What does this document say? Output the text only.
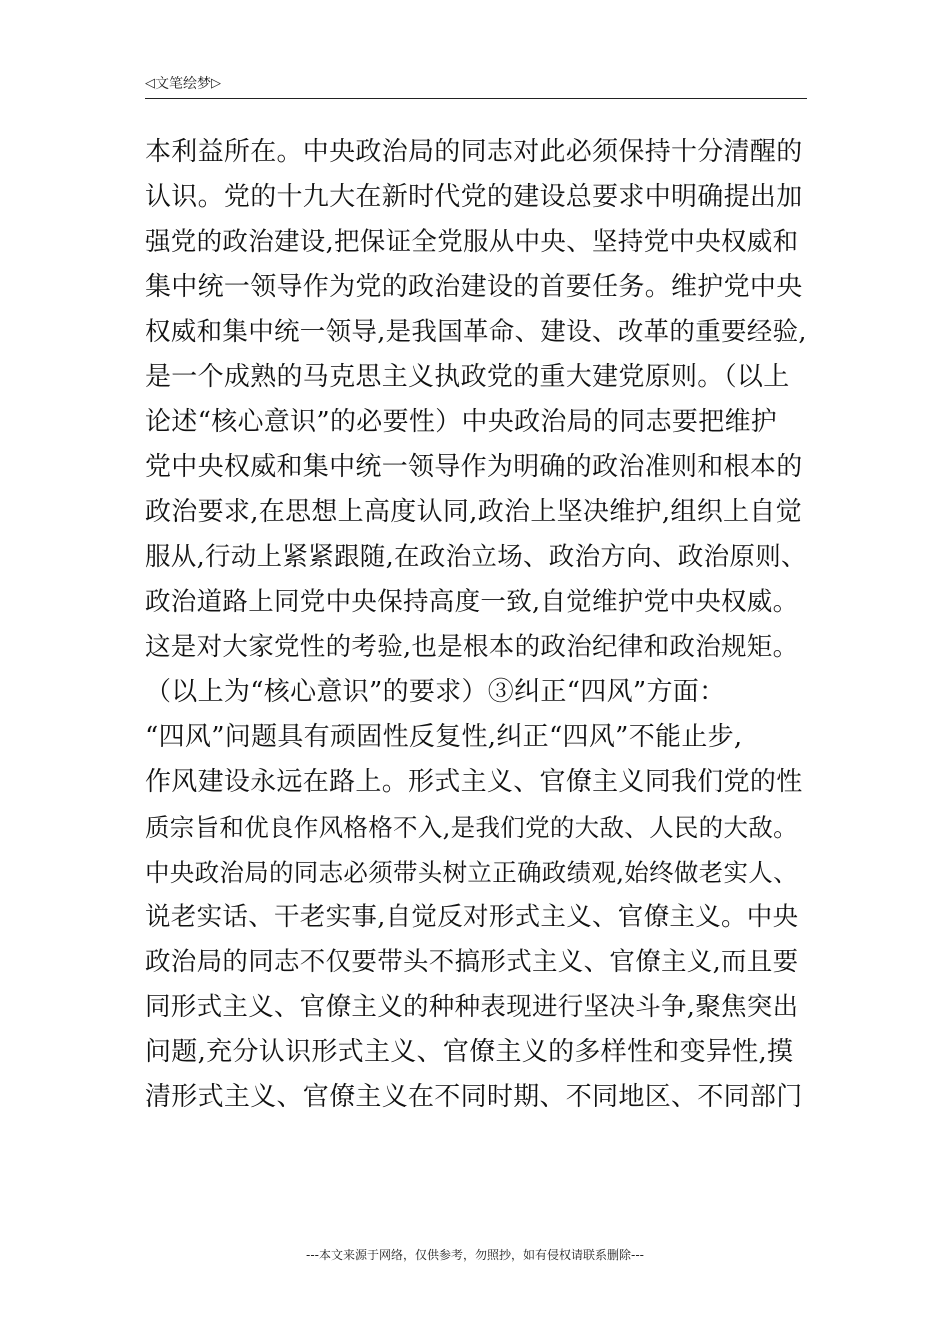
◁ 文笔绘梦 ▷
本利益所在。中央政治局的同志对此必须保持十分清醒的
认识。党的十九大在新时代党的建设总要求中明确提出加
强党的政治建设,把保证全党服从中央、坚持党中央权威和
集中统一领导作为党的政治建设的首要任务。维护党中央
权威和集中统一领导,是我国革命、建设、改革的重要经验,
是一个成熟的马克思主义执政党的重大建党原则。（以上
论述“核心意识”的必要性）中央政治局的同志要把维护
党中央权威和集中统一领导作为明确的政治准则和根本的
政治要求,在思想上高度认同,政治上坚决维护,组织上自觉
服从,行动上紧紧跟随,在政治立场、政治方向、政治原则、
政治道路上同党中央保持高度一致,自觉维护党中央权威。
这是对大家党性的考验,也是根本的政治纪律和政治规矩。
（以上为“核心意识”的要求）③纠正“四风”方面：
“四风”问题具有顽固性反复性,纠正“四风”不能止步,
作风建设永远在路上。形式主义、官僚主义同我们党的性
质宗旨和优良作风格格不入,是我们党的大敌、人民的大敌。
中央政治局的同志必须带头树立正确政绩观,始终做老实人、
说老实话、干老实事,自觉反对形式主义、官僚主义。中央
政治局的同志不仅要带头不搞形式主义、官僚主义,而且要
同形式主义、官僚主义的种种表现进行坚决斗争,聚焦突出
问题,充分认识形式主义、官僚主义的多样性和变异性,摸
清形式主义、官僚主义在不同时期、不同地区、不同部门
---本文来源于网络，仅供参考，勿照抄，如有侵权请联系删除---
